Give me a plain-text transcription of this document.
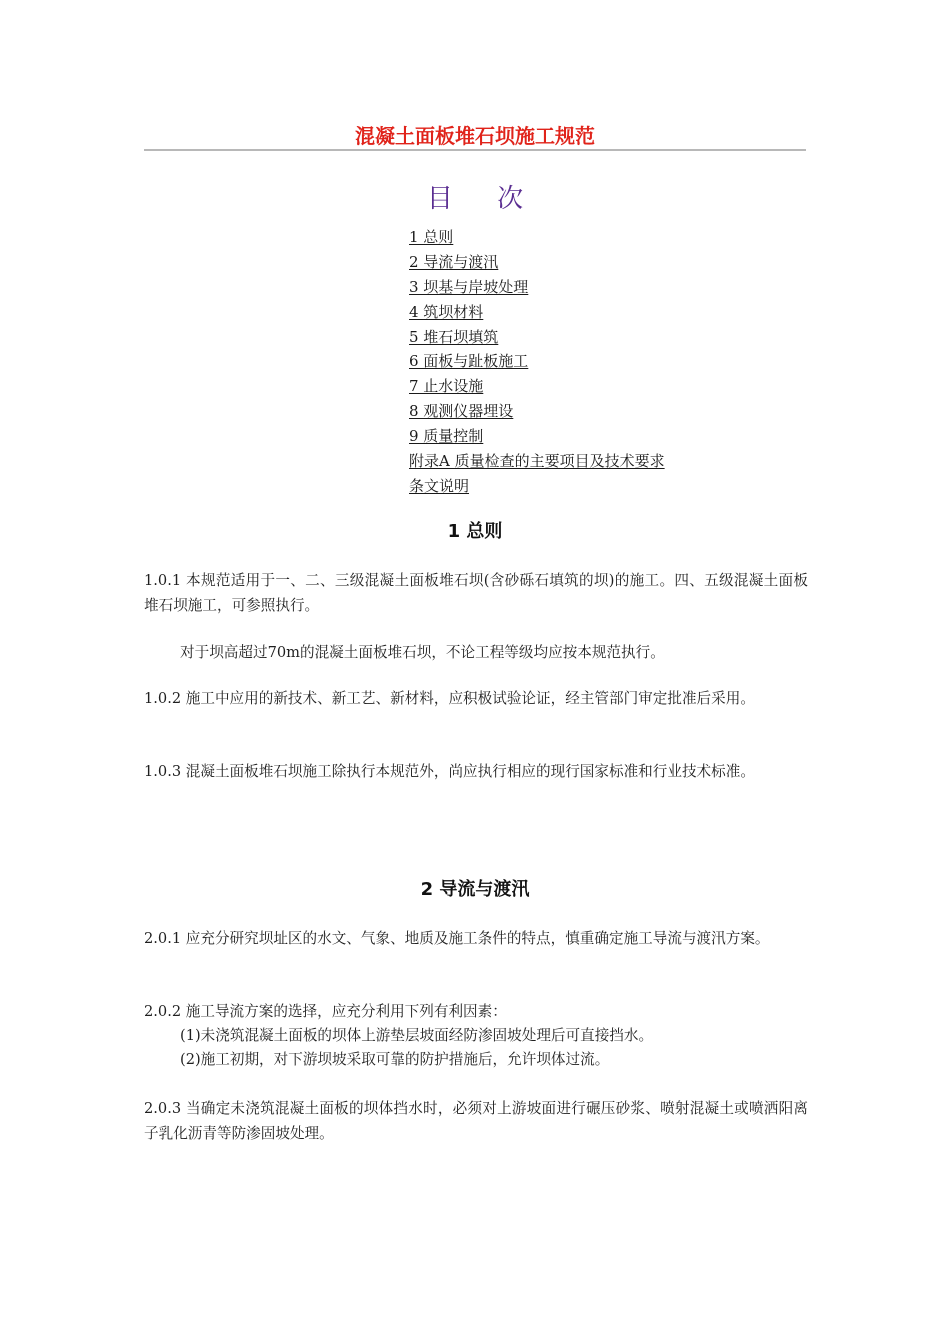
混凝土面板堆石坝施工规范
目 次
1 总则
2 导流与渡汛
3 坝基与岸坡处理
4 筑坝材料
5 堆石坝填筑
6 面板与趾板施工
7 止水设施
8 观测仪器埋设
9 质量控制
附录A 质量检查的主要项目及技术要求
条文说明
1 总则

1.0.1 本规范适用于一、二、三级混凝土面板堆石坝(含砂砾石填筑的坝)的施工。四、五级混凝土面板堆石坝施工，可参照执行。

对于坝高超过70m的混凝土面板堆石坝，不论工程等级均应按本规范执行。

1.0.2 施工中应用的新技术、新工艺、新材料，应积极试验论证，经主管部门审定批准后采用。

1.0.3 混凝土面板堆石坝施工除执行本规范外，尚应执行相应的现行国家标准和行业技术标准。

2 导流与渡汛

2.0.1 应充分研究坝址区的水文、气象、地质及施工条件的特点，慎重确定施工导流与渡汛方案。

2.0.2 施工导流方案的选择，应充分利用下列有利因素：

(1)未浇筑混凝土面板的坝体上游垫层坡面经防渗固坡处理后可直接挡水。

(2)施工初期，对下游坝坡采取可靠的防护措施后，允许坝体过流。

2.0.3 当确定未浇筑混凝土面板的坝体挡水时，必须对上游坡面进行碾压砂浆、喷射混凝土或喷洒阳离子乳化沥青等防渗固坡处理。
